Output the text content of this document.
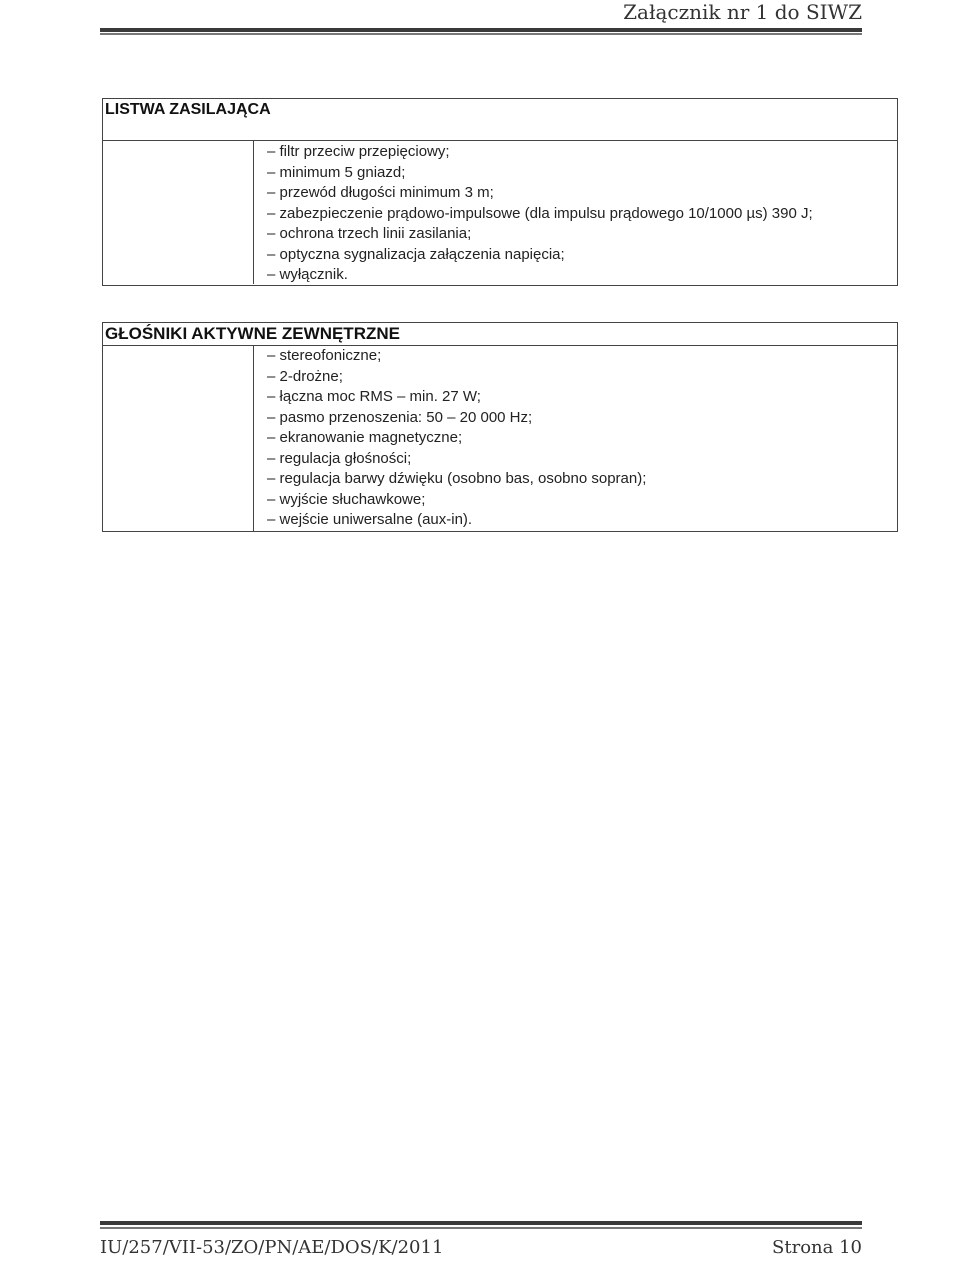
Załącznik nr 1 do SIWZ
LISTWA ZASILAJĄCA
– filtr przeciw przepięciowy;
– minimum 5 gniazd;
– przewód długości minimum 3 m;
– zabezpieczenie prądowo-impulsowe (dla impulsu prądowego 10/1000 µs) 390 J;
– ochrona trzech linii zasilania;
– optyczna sygnalizacja załączenia napięcia;
– wyłącznik.
GŁOŚNIKI AKTYWNE ZEWNĘTRZNE
– stereofoniczne;
– 2-drożne;
– łączna moc RMS – min. 27 W;
– pasmo przenoszenia: 50 – 20 000 Hz;
– ekranowanie magnetyczne;
– regulacja głośności;
– regulacja barwy dźwięku (osobno bas, osobno sopran);
– wyjście słuchawkowe;
– wejście uniwersalne (aux-in).
IU/257/VII-53/ZO/PN/AE/DOS/K/2011	Strona 10
